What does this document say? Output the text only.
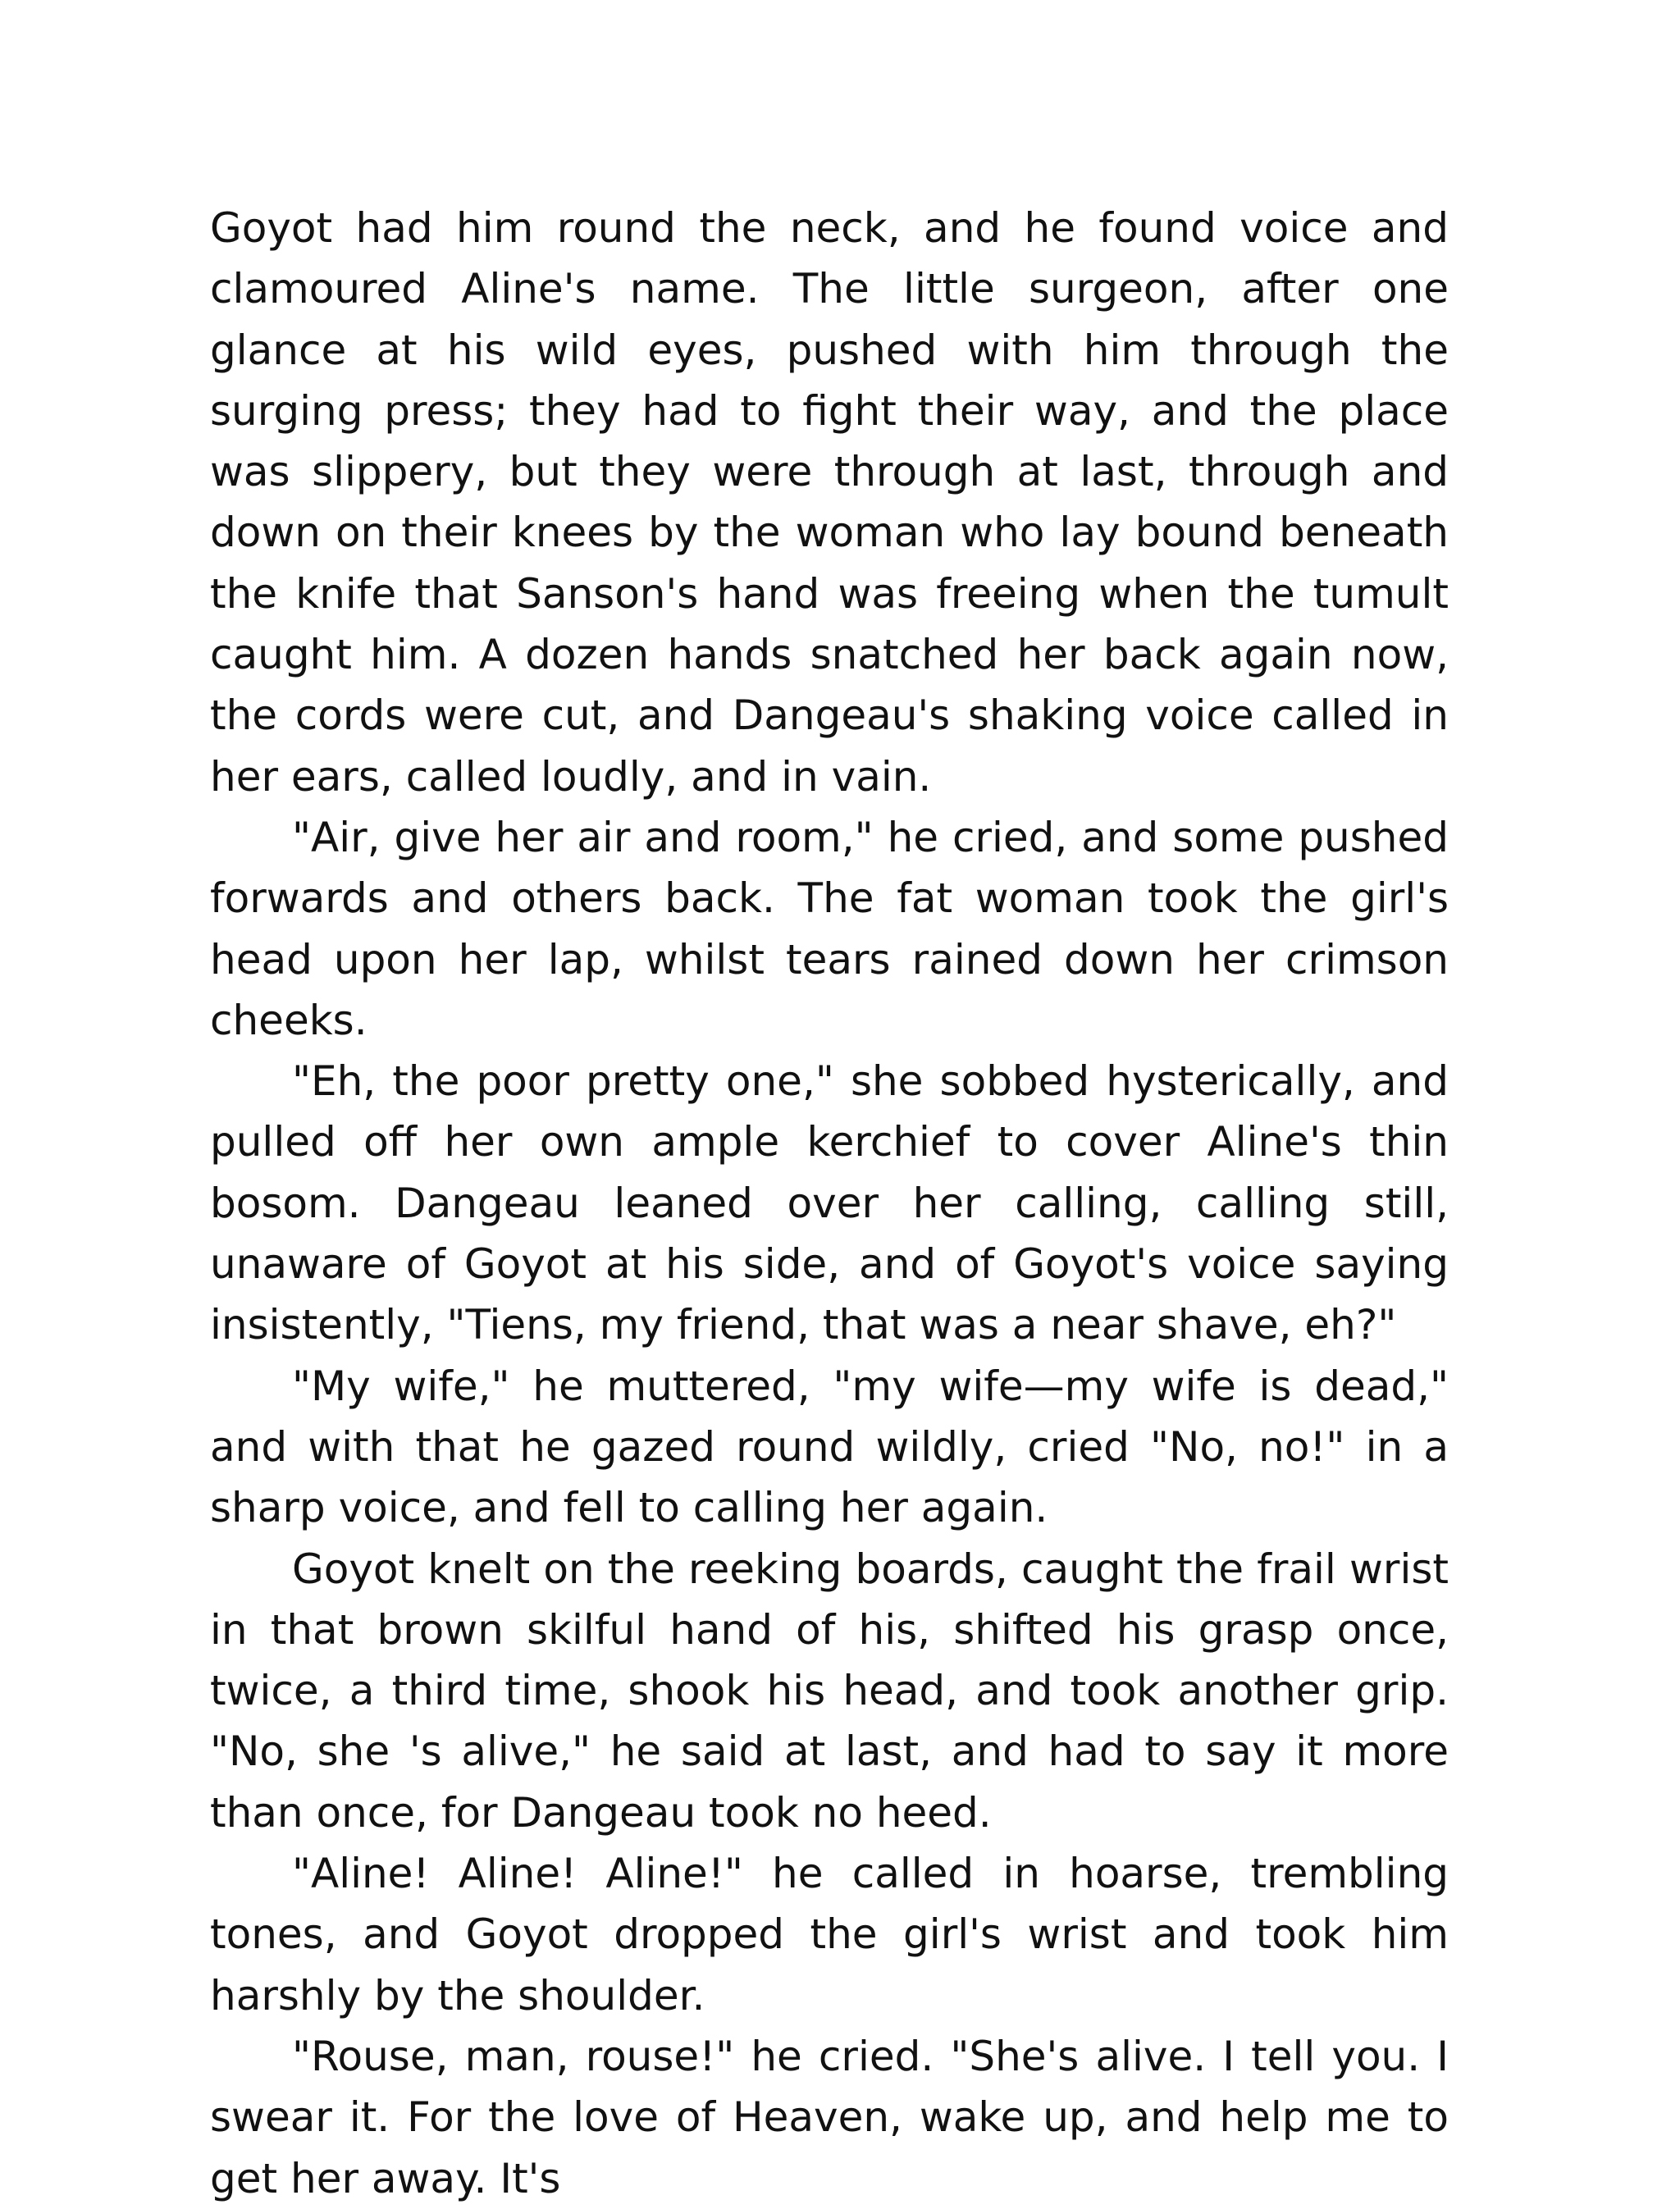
Goyot had him round the neck, and he found voice and clamoured Aline's name. The little surgeon, after one glance at his wild eyes, pushed with him through the surging press; they had to fight their way, and the place was slippery, but they were through at last, through and down on their knees by the woman who lay bound beneath the knife that Sanson's hand was freeing when the tumult caught him. A dozen hands snatched her back again now, the cords were cut, and Dangeau's shaking voice called in her ears, called loudly, and in vain.

"Air, give her air and room," he cried, and some pushed forwards and others back. The fat woman took the girl's head upon her lap, whilst tears rained down her crimson cheeks.

"Eh, the poor pretty one," she sobbed hysterically, and pulled off her own ample kerchief to cover Aline's thin bosom. Dangeau leaned over her calling, calling still, unaware of Goyot at his side, and of Goyot's voice saying insistently, "Tiens, my friend, that was a near shave, eh?"

"My wife," he muttered, "my wife—my wife is dead," and with that he gazed round wildly, cried "No, no!" in a sharp voice, and fell to calling her again.

Goyot knelt on the reeking boards, caught the frail wrist in that brown skilful hand of his, shifted his grasp once, twice, a third time, shook his head, and took another grip. "No, she 's alive," he said at last, and had to say it more than once, for Dangeau took no heed.

"Aline! Aline! Aline!" he called in hoarse, trembling tones, and Goyot dropped the girl's wrist and took him harshly by the shoulder.

"Rouse, man, rouse!" he cried. "She's alive. I tell you. I swear it. For the love of Heaven, wake up, and help me to get her away. It's
